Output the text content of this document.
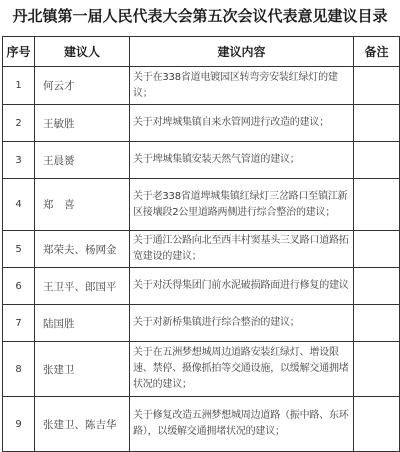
丹北镇第一届人民代表大会第五次会议代表意见建议目录
序号	建议人	建议内容	备注
1	何云才	关于在338省道电镀园区转弯旁安装红绿灯的建议；	
2	王敏胜	关于对埤城集镇自来水管网进行改造的建议；	
3	王晨赟	关于埤城集镇安装天然气管道的建议；	
4	郑　喜	关于老338省道埤城集镇红绿灯三岔路口至镇江新区接壤段2公里道路两侧进行综合整治的建议；	
5	郑荣夫、杨网金	关于通江公路向北至西丰村窦基头三叉路口道路拓宽建设的建议；	
6	王卫平、郎国平	关于对沃得集团门前水泥破损路面进行修复的建议	
7	陆国胜	关于对新桥集镇进行综合整治的建议；	
8	张建卫	关于在五洲梦想城周边道路安装红绿灯、增设限速、禁停、摄像抓拍等交通设施，以缓解交通拥堵状况的建议；	
9	张建卫、陈吉华	关于修复改造五洲梦想城周边道路（振中路、东环路），以缓解交通拥堵状况的建议；	
